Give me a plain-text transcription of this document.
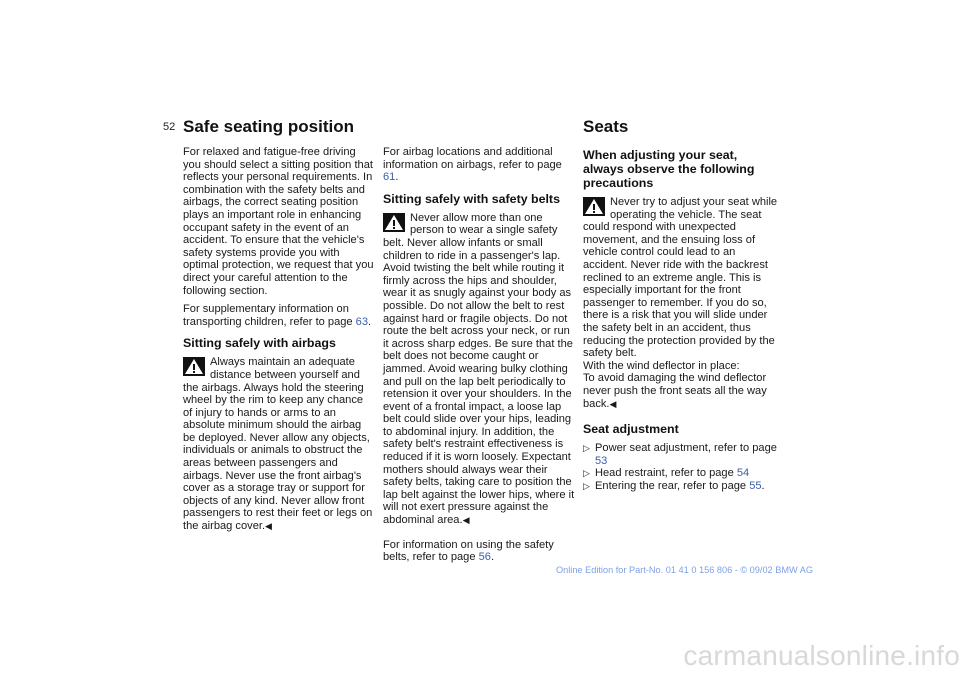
52 Safe seating position	Seats

For relaxed and fatigue-free driving you should select a sitting position that reflects your personal requirements. In combination with the safety belts and airbags, the correct seating position plays an important role in enhancing occupant safety in the event of an accident. To ensure that the vehicle's safety systems provide you with optimal protection, we request that you direct your careful attention to the following section.

For supplementary information on transporting children, refer to page 63.

Sitting safely with airbags
Always maintain an adequate distance between yourself and the airbags. Always hold the steering wheel by the rim to keep any chance of injury to hands or arms to an absolute minimum should the airbag be deployed. Never allow any objects, individuals or animals to obstruct the areas between passengers and airbags. Never use the front airbag's cover as a storage tray or support for objects of any kind. Never allow front passengers to rest their feet or legs on the airbag cover.◀

For airbag locations and additional information on airbags, refer to page 61.

Sitting safely with safety belts
Never allow more than one person to wear a single safety belt. Never allow infants or small children to ride in a passenger's lap. Avoid twisting the belt while routing it firmly across the hips and shoulder, wear it as snugly against your body as possible. Do not allow the belt to rest against hard or fragile objects. Do not route the belt across your neck, or run it across sharp edges. Be sure that the belt does not become caught or jammed. Avoid wearing bulky clothing and pull on the lap belt periodically to retension it over your shoulders. In the event of a frontal impact, a loose lap belt could slide over your hips, leading to abdominal injury. In addition, the safety belt's restraint effectiveness is reduced if it is worn loosely. Expectant mothers should always wear their safety belts, taking care to position the lap belt against the lower hips, where it will not exert pressure against the abdominal area.◀

For information on using the safety belts, refer to page 56.

When adjusting your seat, always observe the following precautions
Never try to adjust your seat while operating the vehicle. The seat could respond with unexpected movement, and the ensuing loss of vehicle control could lead to an accident. Never ride with the backrest reclined to an extreme angle. This is especially important for the front passenger to remember. If you do so, there is a risk that you will slide under the safety belt in an accident, thus reducing the protection provided by the safety belt.
With the wind deflector in place:
To avoid damaging the wind deflector never push the front seats all the way back.◀
Seat adjustment
▷ Power seat adjustment, refer to page 53
▷ Head restraint, refer to page 54
▷ Entering the rear, refer to page 55.
Online Edition for Part-No. 01 41 0 156 806 - © 09/02 BMW AG
carmanualsonline.info
